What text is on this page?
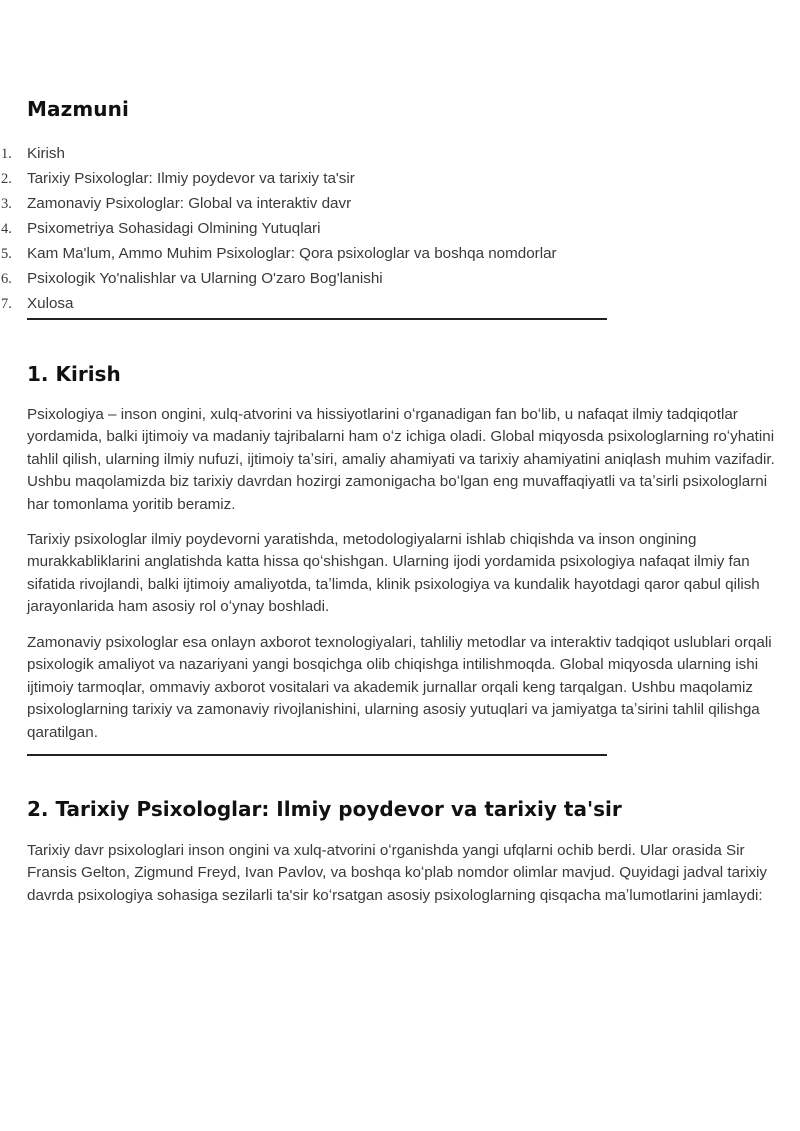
Mazmuni
1. Kirish
2. Tarixiy Psixologlar: Ilmiy poydevor va tarixiy ta'sir
3. Zamonaviy Psixologlar: Global va interaktiv davr
4. Psixometriya Sohasidagi Olmining Yutuqlari
5. Kam Ma'lum, Ammo Muhim Psixologlar: Qora psixologlar va boshqa nomdorlar
6. Psixologik Yo'nalishlar va Ularning O'zaro Bog'lanishi
7. Xulosa
1. Kirish

Psixologiya – inson ongini, xulq-atvorini va hissiyotlarini oʻrganadigan fan boʻlib, u nafaqat ilmiy tadqiqotlar yordamida, balki ijtimoiy va madaniy tajribalarni ham oʻz ichiga oladi. Global miqyosda psixologlarning roʻyhatini tahlil qilish, ularning ilmiy nufuzi, ijtimoiy taʼsiri, amaliy ahamiyati va tarixiy ahamiyatini aniqlash muhim vazifadir. Ushbu maqolamizda biz tarixiy davrdan hozirgi zamonigacha boʻlgan eng muvaffaqiyatli va taʼsirli psixologlarni har tomonlama yoritib beramiz.

Tarixiy psixologlar ilmiy poydevorni yaratishda, metodologiyalarni ishlab chiqishda va inson ongining murakkabliklarini anglatishda katta hissa qoʻshishgan. Ularning ijodi yordamida psixologiya nafaqat ilmiy fan sifatida rivojlandi, balki ijtimoiy amaliyotda, taʼlimda, klinik psixologiya va kundalik hayotdagi qaror qabul qilish jarayonlarida ham asosiy rol oʻynay boshladi.

Zamonaviy psixologlar esa onlayn axborot texnologiyalari, tahliliy metodlar va interaktiv tadqiqot uslublari orqali psixologik amaliyot va nazariyani yangi bosqichga olib chiqishga intilishmoqda. Global miqyosda ularning ishi ijtimoiy tarmoqlar, ommaviy axborot vositalari va akademik jurnallar orqali keng tarqalgan. Ushbu maqolamiz psixologlarning tarixiy va zamonaviy rivojlanishini, ularning asosiy yutuqlari va jamiyatga taʼsirini tahlil qilishga qaratilgan.

2. Tarixiy Psixologlar: Ilmiy poydevor va tarixiy ta'sir

Tarixiy davr psixologlari inson ongini va xulq-atvorini oʻrganishda yangi ufqlarni ochib berdi. Ular orasida Sir Fransis Gelton, Zigmund Freyd, Ivan Pavlov, va boshqa koʻplab nomdor olimlar mavjud. Quyidagi jadval tarixiy davrda psixologiya sohasiga sezilarli ta'sir koʻrsatgan asosiy psixologlarning qisqacha maʼlumotlarini jamlaydi:
